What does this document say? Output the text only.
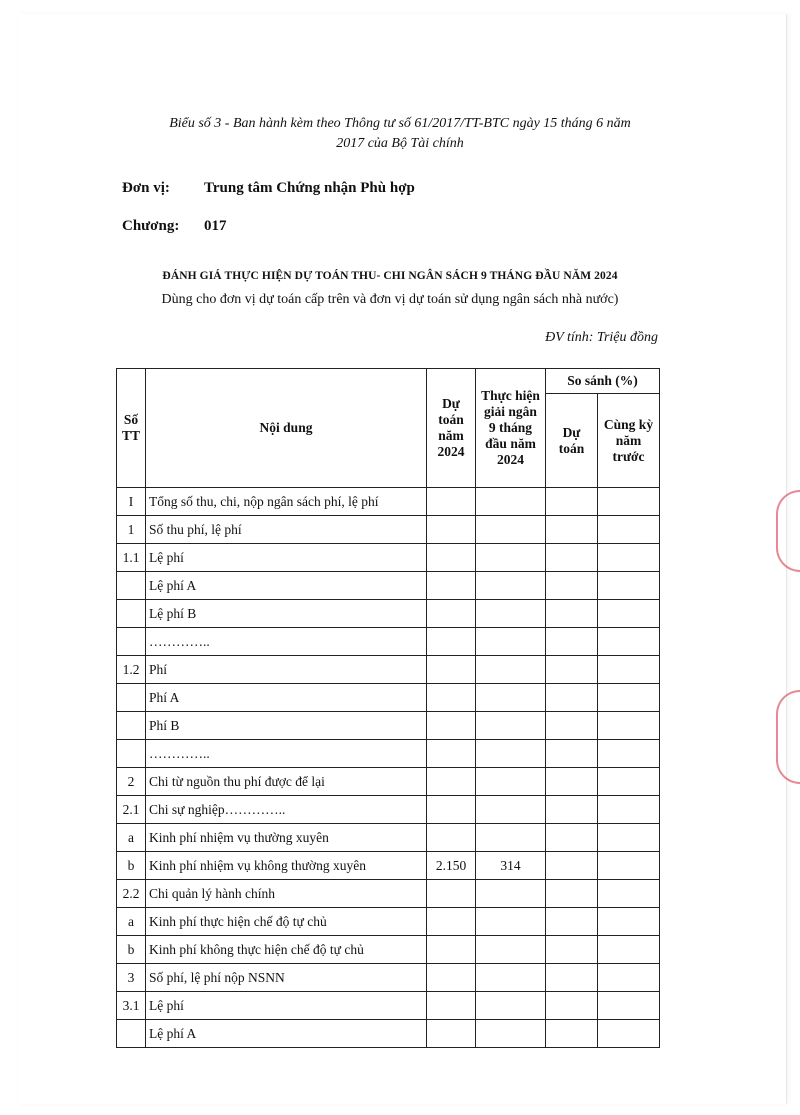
Biểu số 3 - Ban hành kèm theo Thông tư số 61/2017/TT-BTC ngày 15 tháng 6 năm
2017 của Bộ Tài chính
Đơn vị: Trung tâm Chứng nhận Phù hợp
Chương: 017
ĐÁNH GIÁ THỰC HIỆN DỰ TOÁN THU- CHI NGÂN SÁCH 9 THÁNG ĐẦU NĂM 2024
Dùng cho đơn vị dự toán cấp trên và đơn vị dự toán sử dụng ngân sách nhà nước)
ĐV tính: Triệu đồng
Số TT	Nội dung	Dự toán năm 2024	Thực hiện giải ngân 9 tháng đầu năm 2024	So sánh (%)	
				Dự toán	Cùng kỳ năm trước
I	Tổng số thu, chi, nộp ngân sách phí, lệ phí				
1	Số thu phí, lệ phí				
1.1	Lệ phí				
	Lệ phí A				
	Lệ phí B				
	…………..				
1.2	Phí				
	Phí A				
	Phí B				
	…………..				
2	Chi từ nguồn thu phí được để lại				
2.1	Chi sự nghiệp…………..				
a	Kinh phí nhiệm vụ thường xuyên				
b	Kinh phí nhiệm vụ không thường xuyên	2.150	314		
2.2	Chi quản lý hành chính				
a	Kinh phí thực hiện chế độ tự chủ				
b	Kinh phí không thực hiện chế độ tự chủ				
3	Số phí, lệ phí nộp NSNN				
3.1	Lệ phí				
	Lệ phí A				
